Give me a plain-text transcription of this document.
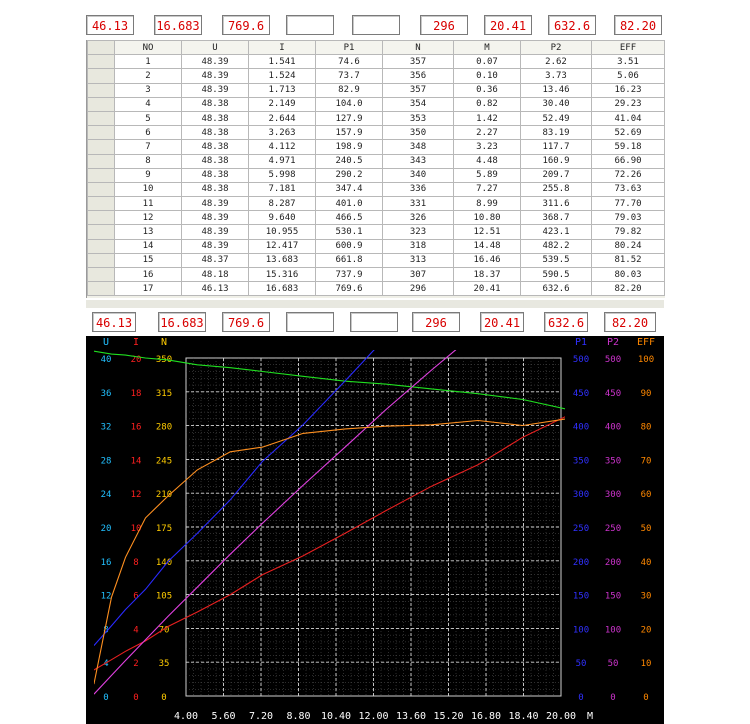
46.13	16.683	769.6	296	20.41	632.6	82.20
	NO	U	I	P1	N	M	P2	EFF
	1	48.39	1.541	74.6	357	0.07	2.62	3.51
	2	48.39	1.524	73.7	356	0.10	3.73	5.06
	3	48.39	1.713	82.9	357	0.36	13.46	16.23
	4	48.38	2.149	104.0	354	0.82	30.40	29.23
	5	48.38	2.644	127.9	353	1.42	52.49	41.04
	6	48.38	3.263	157.9	350	2.27	83.19	52.69
	7	48.38	4.112	198.9	348	3.23	117.7	59.18
	8	48.38	4.971	240.5	343	4.48	160.9	66.90
	9	48.38	5.998	290.2	340	5.89	209.7	72.26
	10	48.38	7.181	347.4	336	7.27	255.8	73.63
	11	48.39	8.287	401.0	331	8.99	311.6	77.70
	12	48.39	9.640	466.5	326	10.80	368.7	79.03
	13	48.39	10.955	530.1	323	12.51	423.1	79.82
	14	48.39	12.417	600.9	318	14.48	482.2	80.24
	15	48.37	13.683	661.8	313	16.46	539.5	81.52
	16	48.18	15.316	737.9	307	18.37	590.5	80.03
	17	46.13	16.683	769.6	296	20.41	632.6	82.20
46.13	16.683	769.6	296	20.41	632.6	82.20
U
0
4
8
12
16
20
24
28
32
36
40
I
0
2
4
6
8
10
12
14
16
18
20
N
0
35
70
105
140
175
210
245
280
315
350
P1
0
50
100
150
200
250
300
350
400
450
500
P2
0
50
100
150
200
250
300
350
400
450
500
EFF
0
10
20
30
40
50
60
70
80
90
100
4.00 5.60 7.20 8.80 10.40 12.00 13.60 15.20 16.80 18.40 20.00 M
